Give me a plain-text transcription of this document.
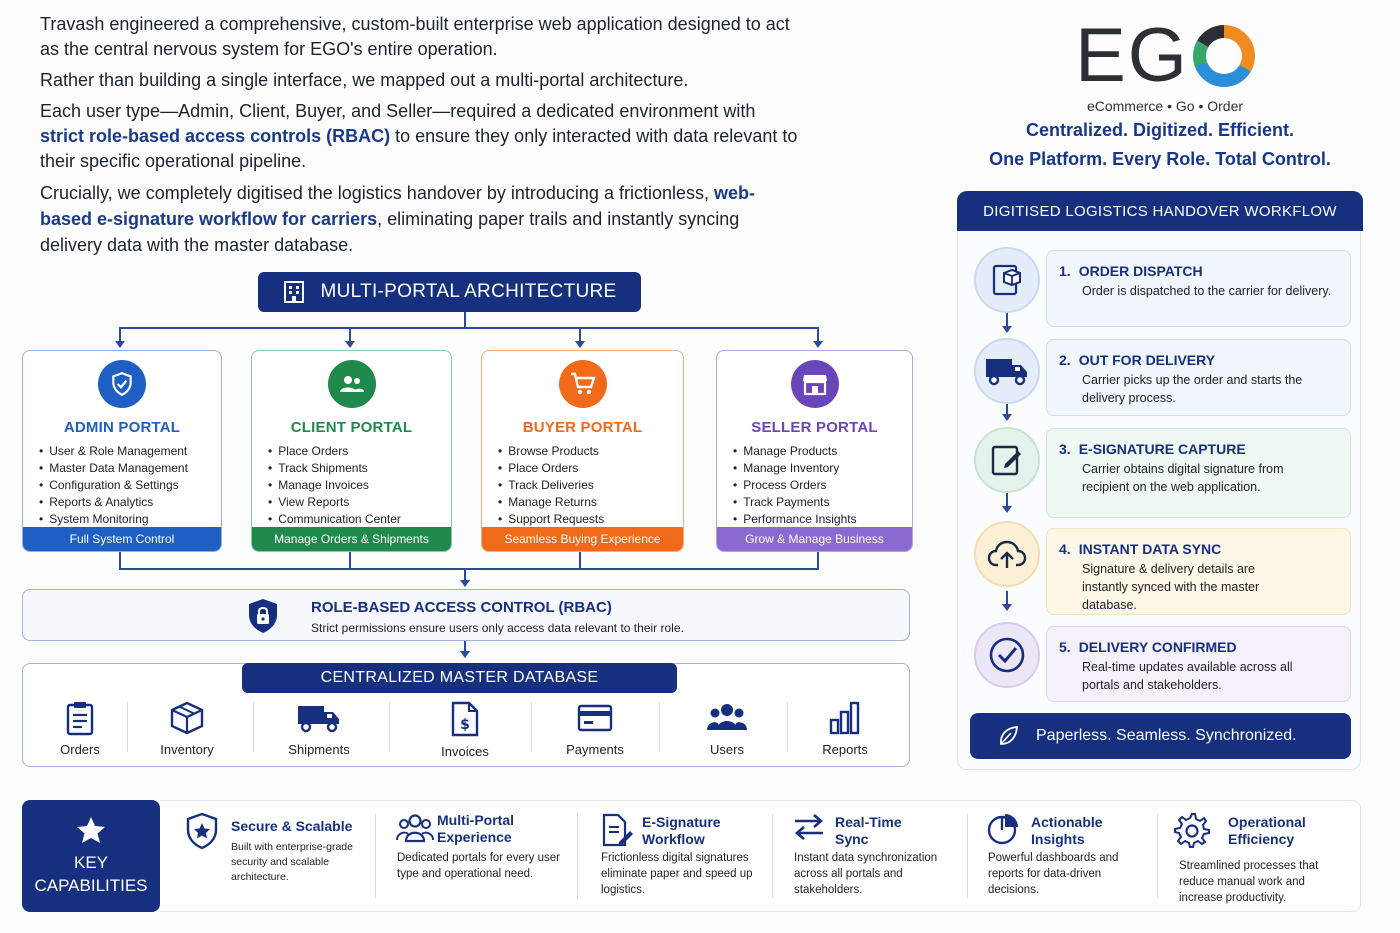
Travash engineered a comprehensive, custom-built enterprise web application designed to act as the central nervous system for EGO's entire operation.

Rather than building a single interface, we mapped out a multi-portal architecture.

Each user type—Admin, Client, Buyer, and Seller—required a dedicated environment with strict role-based access controls (RBAC) to ensure they only interacted with data relevant to their specific operational pipeline.

Crucially, we completely digitised the logistics handover by introducing a frictionless, web-based e-signature workflow for carriers, eliminating paper trails and instantly syncing delivery data with the master database.

EG
eCommerce • Go • Order
Centralized. Digitized. Efficient.
One Platform. Every Role. Total Control.
MULTI-PORTAL ARCHITECTURE
ADMIN PORTAL
• User & Role Management
• Master Data Management
• Configuration & Settings
• Reports & Analytics
• System Monitoring
Full System Control
CLIENT PORTAL
• Place Orders
• Track Shipments
• Manage Invoices
• View Reports
• Communication Center
Manage Orders & Shipments
BUYER PORTAL
• Browse Products
• Place Orders
• Track Deliveries
• Manage Returns
• Support Requests
Seamless Buying Experience
SELLER PORTAL
• Manage Products
• Manage Inventory
• Process Orders
• Track Payments
• Performance Insights
Grow & Manage Business
ROLE-BASED ACCESS CONTROL (RBAC)
Strict permissions ensure users only access data relevant to their role.
CENTRALIZED MASTER DATABASE
Orders	Inventory	Shipments
$
Invoices	Payments	Users	Reports
DIGITISED LOGISTICS HANDOVER WORKFLOW
1. ORDER DISPATCH
Order is dispatched to the carrier for delivery.
2. OUT FOR DELIVERY
Carrier picks up the order and starts the delivery process.
3. E-SIGNATURE CAPTURE
Carrier obtains digital signature from recipient on the web application.
4. INSTANT DATA SYNC
Signature & delivery details are instantly synced with the master database.
5. DELIVERY CONFIRMED
Real-time updates available across all portals and stakeholders.
Paperless. Seamless. Synchronized.
KEY
CAPABILITIES
Secure & Scalable
Built with enterprise-grade security and scalable architecture.
Multi-Portal Experience
Dedicated portals for every user type and operational need.
E-Signature Workflow
Frictionless digital signatures eliminate paper and speed up logistics.
Real-Time Sync
Instant data synchronization across all portals and stakeholders.
Actionable Insights
Powerful dashboards and reports for data-driven decisions.
Operational Efficiency
Streamlined processes that reduce manual work and increase productivity.
